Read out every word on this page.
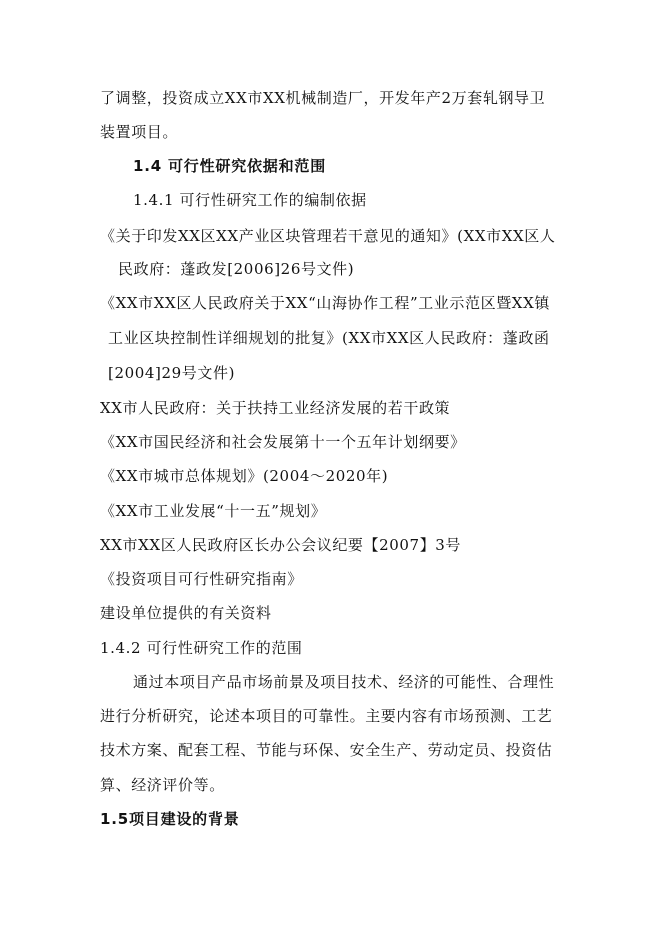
了调整，投资成立XX市XX机械制造厂，开发年产2万套轧钢导卫
装置项目。
1.4 可行性研究依据和范围
1.4.1 可行性研究工作的编制依据
《关于印发XX区XX产业区块管理若干意见的通知》(XX市XX区人
民政府：蓬政发[2006]26号文件)
《XX市XX区人民政府关于XX“山海协作工程”工业示范区暨XX镇
工业区块控制性详细规划的批复》(XX市XX区人民政府：蓬政函
[2004]29号文件)
XX市人民政府：关于扶持工业经济发展的若干政策
《XX市国民经济和社会发展第十一个五年计划纲要》
《XX市城市总体规划》(2004～2020年)
《XX市工业发展“十一五”规划》
XX市XX区人民政府区长办公会议纪要【2007】3号
《投资项目可行性研究指南》
建设单位提供的有关资料
1.4.2 可行性研究工作的范围
通过本项目产品市场前景及项目技术、经济的可能性、合理性
进行分析研究，论述本项目的可靠性。主要内容有市场预测、工艺
技术方案、配套工程、节能与环保、安全生产、劳动定员、投资估
算、经济评价等。
1.5项目建设的背景
